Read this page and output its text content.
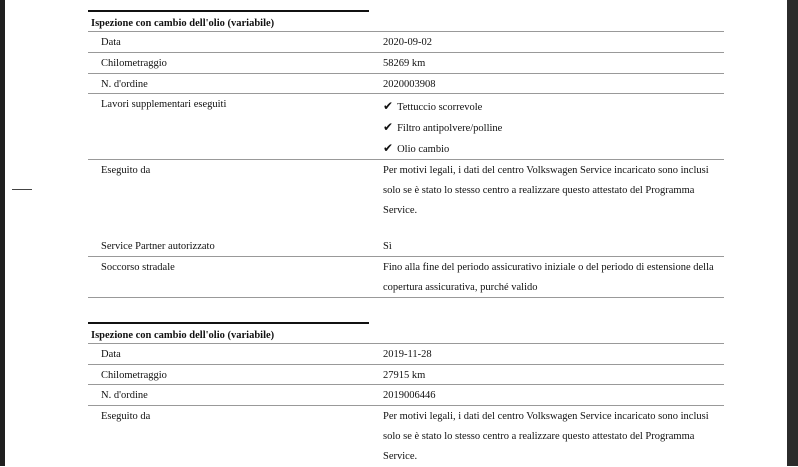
Ispezione con cambio dell'olio (variabile)
Data	2020-09-02
Chilometraggio	58269 km
N. d'ordine	2020003908
Lavori supplementari eseguiti	✔ Tettuccio scorrevole
✔ Filtro antipolvere/polline
✔ Olio cambio
Eseguito da	Per motivi legali, i dati del centro Volkswagen Service incaricato sono inclusi solo se è stato lo stesso centro a realizzare questo attestato del Programma Service.
Service Partner autorizzato	Sì
Soccorso stradale	Fino alla fine del periodo assicurativo iniziale o del periodo di estensione della copertura assicurativa, purché valido
Ispezione con cambio dell'olio (variabile)
Data	2019-11-28
Chilometraggio	27915 km
N. d'ordine	2019006446
Eseguito da	Per motivi legali, i dati del centro Volkswagen Service incaricato sono inclusi solo se è stato lo stesso centro a realizzare questo attestato del Programma Service.
